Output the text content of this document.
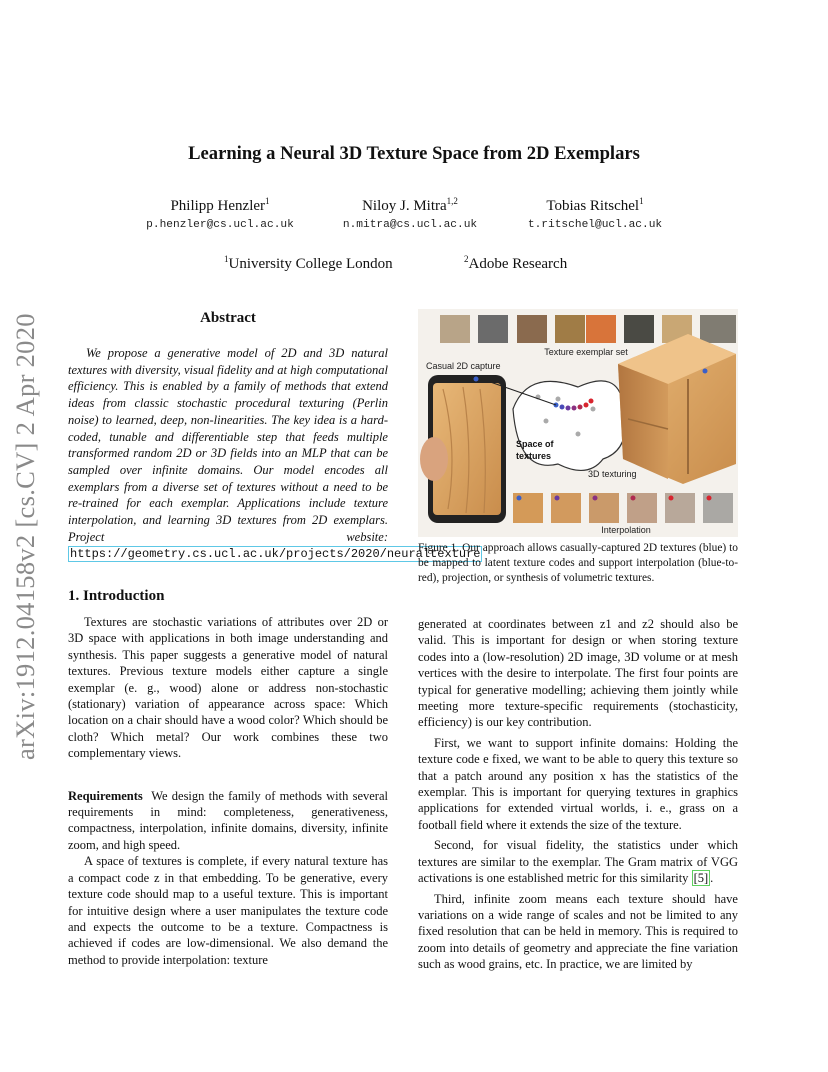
arXiv:1912.04158v2 [cs.CV] 2 Apr 2020
Learning a Neural 3D Texture Space from 2D Exemplars
Philipp Henzler$^1$
p.henzler@cs.ucl.ac.uk
Niloy J. Mitra$^{1,2}$
n.mitra@cs.ucl.ac.uk
Tobias Ritschel$^1$
t.ritschel@ucl.ac.uk
$^1$University College London	$^2$Adobe Research
Abstract
We propose a generative model of 2D and 3D natural textures with diversity, visual fidelity and at high computational efficiency. This is enabled by a family of methods that extend ideas from classic stochastic procedural texturing (Perlin noise) to learned, deep, non-linearities. The key idea is a hard-coded, tunable and differentiable step that feeds multiple transformed random 2D or 3D fields into an MLP that can be sampled over infinite domains. Our model encodes all exemplars from a diverse set of textures without a need to be re-trained for each exemplar. Applications include texture interpolation, and learning 3D textures from 2D exemplars. Project website: https://geometry.cs.ucl.ac.uk/projects/2020/neuraltexture
Texture exemplar set
Casual 2D capture
Space of
textures
3D texturing
Interpolation
Figure 1. Our approach allows casually-captured 2D textures (blue) to be mapped to latent texture codes and support interpolation (blue-to-red), projection, or synthesis of volumetric textures.
1. Introduction

Textures are stochastic variations of attributes over 2D or 3D space with applications in both image understanding and synthesis. This paper suggests a generative model of natural textures. Previous texture models either capture a single exemplar (e. g., wood) alone or address non-stochastic (stationary) variation of appearance across space: Which location on a chair should have a wood color? Which should be cloth? Which metal? Our work combines these two complementary views.

Requirements We design the family of methods with several requirements in mind: completeness, generativeness, compactness, interpolation, infinite domains, diversity, infinite zoom, and high speed.

A space of textures is complete, if every natural texture has a compact code z in that embedding. To be generative, every texture code should map to a useful texture. This is important for intuitive design where a user manipulates the texture code and expects the outcome to be a texture. Compactness is achieved if codes are low-dimensional. We also demand the method to provide interpolation: texture

generated at coordinates between z1 and z2 should also be valid. This is important for design or when storing texture codes into a (low-resolution) 2D image, 3D volume or at mesh vertices with the desire to interpolate. The first four points are typical for generative modelling; achieving them jointly while meeting more texture-specific requirements (stochasticity, efficiency) is our key contribution.

First, we want to support infinite domains: Holding the texture code e fixed, we want to be able to query this texture so that a patch around any position x has the statistics of the exemplar. This is important for querying textures in graphics applications for extended virtual worlds, i. e., grass on a football field where it extends the size of the texture.

Second, for visual fidelity, the statistics under which textures are similar to the exemplar. The Gram matrix of VGG activations is one established metric for this similarity [5] .

Third, infinite zoom means each texture should have variations on a wide range of scales and not be limited to any fixed resolution that can be held in memory. This is required to zoom into details of geometry and appreciate the fine variation such as wood grains, etc. In practice, we are limited by
